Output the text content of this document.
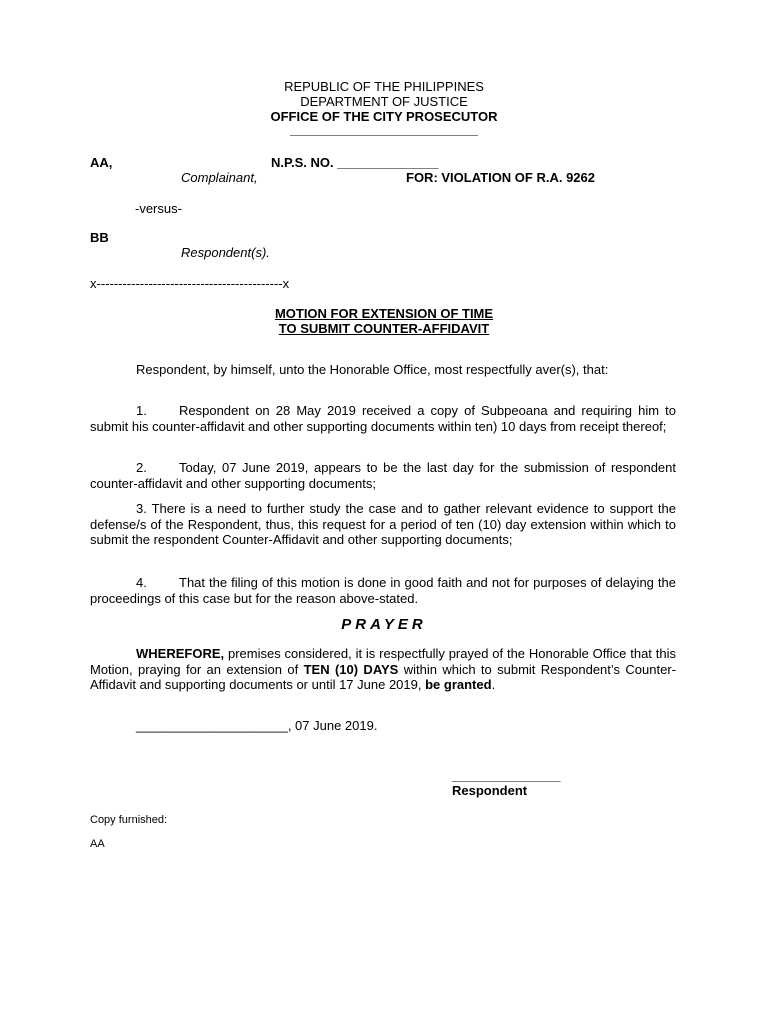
REPUBLIC OF THE PHILIPPINES
DEPARTMENT OF JUSTICE
OFFICE OF THE CITY PROSECUTOR
__________________________
AA,	N.P.S. NO. ______________
Complainant,	FOR: VIOLATION OF R.A. 9262
-versus-
BB
Respondent(s).
x-------------------------------------------x
MOTION FOR EXTENSION OF TIME
TO SUBMIT COUNTER-AFFIDAVIT
Respondent, by himself, unto the Honorable Office, most respectfully aver(s), that:
1. Respondent on 28 May 2019 received a copy of Subpeoana and requiring him to submit his counter-affidavit and other supporting documents within ten) 10 days from receipt thereof;
2. Today, 07 June 2019, appears to be the last day for the submission of respondent counter-affidavit and other supporting documents;
3. There is a need to further study the case and to gather relevant evidence to support the defense/s of the Respondent, thus, this request for a period of ten (10) day extension within which to submit the respondent Counter-Affidavit and other supporting documents;
4. That the filing of this motion is done in good faith and not for purposes of delaying the proceedings of this case but for the reason above-stated.
PRAYER
WHEREFORE, premises considered, it is respectfully prayed of the Honorable Office that this Motion, praying for an extension of TEN (10) DAYS within which to submit Respondent’s Counter-Affidavit and supporting documents or until 17 June 2019, be granted.
_____________________, 07 June 2019.
_______________
Respondent
Copy furnished:
AA
